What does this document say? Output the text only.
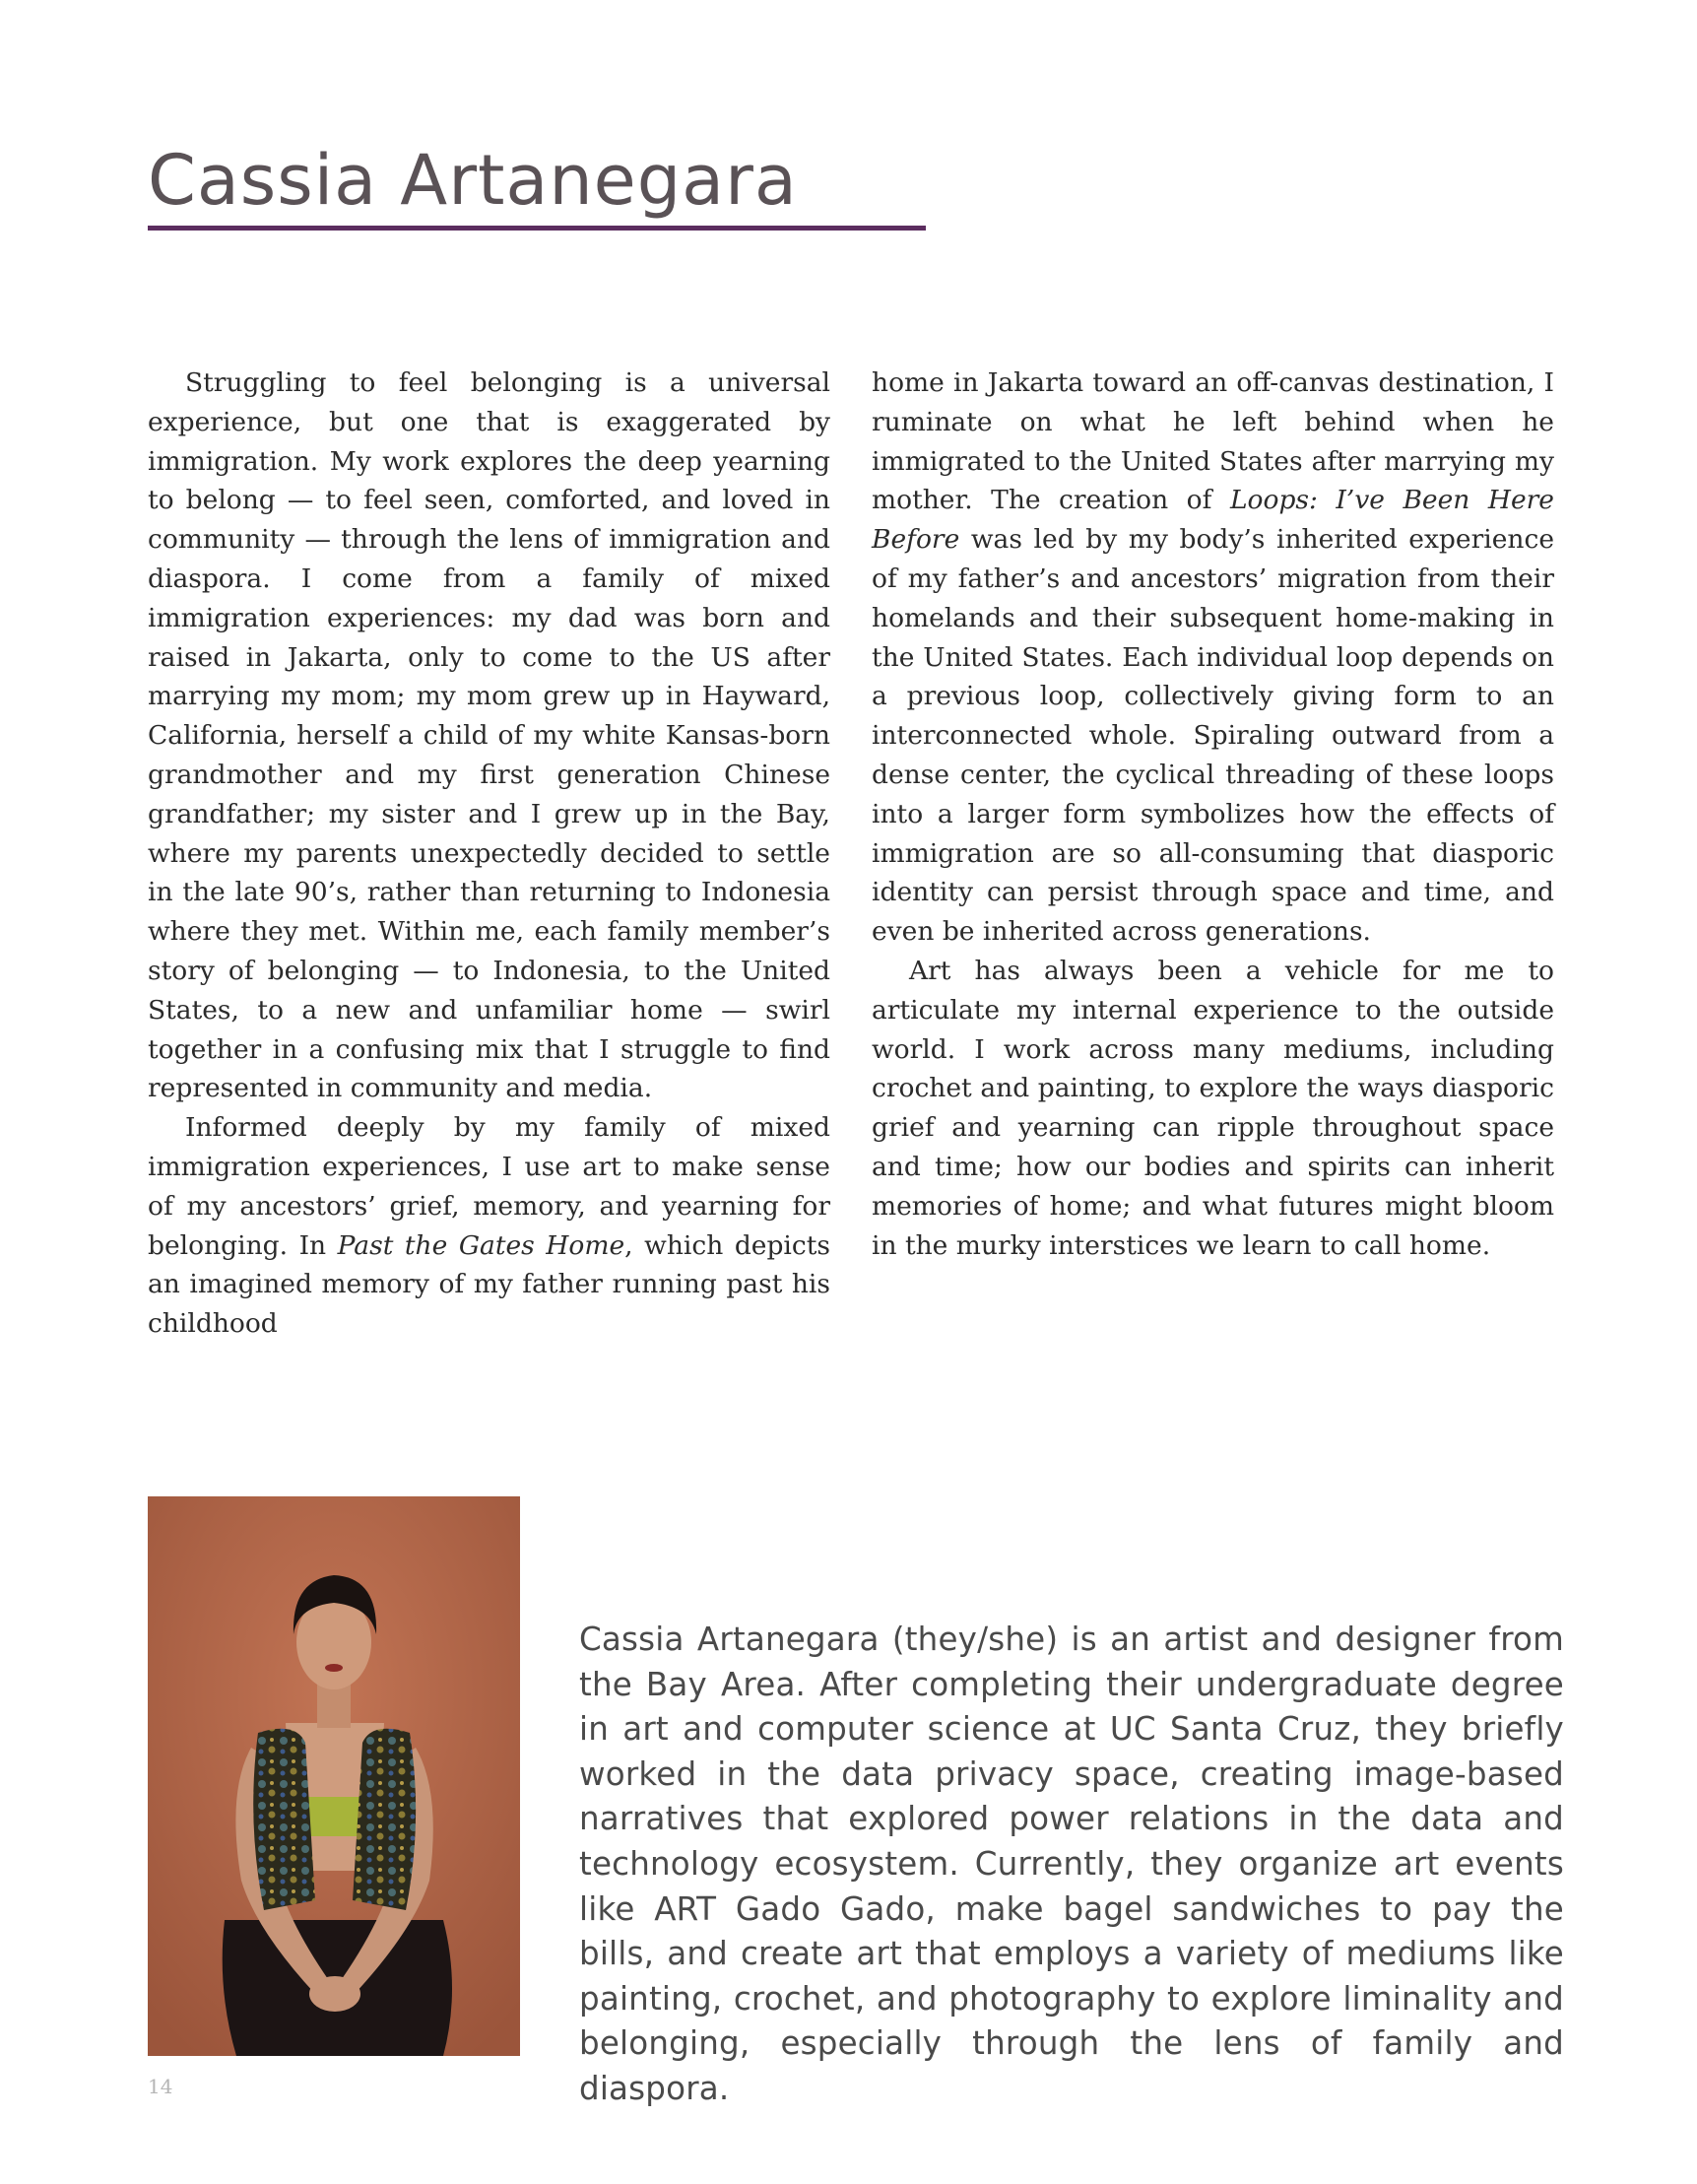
Cassia Artanegara

Struggling to feel belonging is a universal experience, but one that is exaggerated by immigration. My work explores the deep yearning to belong — to feel seen, comforted, and loved in community — through the lens of immigration and diaspora. I come from a family of mixed immigration experiences: my dad was born and raised in Jakarta, only to come to the US after marrying my mom; my mom grew up in Hayward, California, herself a child of my white Kansas-born grandmother and my first generation Chinese grandfather; my sister and I grew up in the Bay, where my parents unexpectedly decided to settle in the late 90’s, rather than returning to Indonesia where they met. Within me, each family member’s story of belonging — to Indonesia, to the United States, to a new and unfamiliar home — swirl together in a confusing mix that I struggle to find represented in community and media.

Informed deeply by my family of mixed immigration experiences, I use art to make sense of my ancestors’ grief, memory, and yearning for belonging. In Past the Gates Home, which depicts an imagined memory of my father running past his childhood

home in Jakarta toward an off-canvas destination, I ruminate on what he left behind when he immigrated to the United States after marrying my mother. The creation of Loops: I’ve Been Here Before was led by my body’s inherited experience of my father’s and ancestors’ migration from their homelands and their subsequent home-making in the United States. Each individual loop depends on a previous loop, collectively giving form to an interconnected whole. Spiraling outward from a dense center, the cyclical threading of these loops into a larger form symbolizes how the effects of immigration are so all-consuming that diasporic identity can persist through space and time, and even be inherited across generations.

Art has always been a vehicle for me to articulate my internal experience to the outside world. I work across many mediums, including crochet and painting, to explore the ways diasporic grief and yearning can ripple throughout space and time; how our bodies and spirits can inherit memories of home; and what futures might bloom in the murky interstices we learn to call home.

Cassia Artanegara (they/she) is an artist and designer from the Bay Area. After completing their undergraduate degree in art and computer science at UC Santa Cruz, they briefly worked in the data privacy space, creating image-based narratives that explored power relations in the data and technology ecosystem. Currently, they organize art events like ART Gado Gado, make bagel sandwiches to pay the bills, and create art that employs a variety of mediums like painting, crochet, and photography to explore liminality and belonging, especially through the lens of family and diaspora.

14
